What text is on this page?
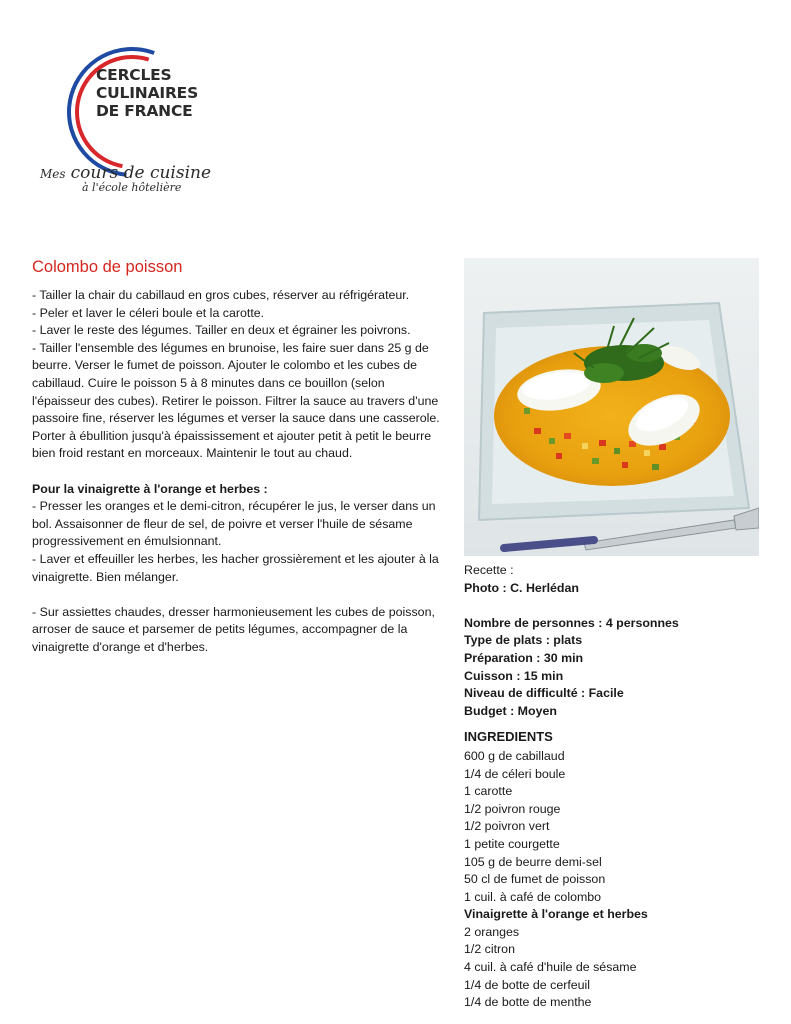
CERCLES
CULINAIRES
DE FRANCE
Mes cours de cuisine
à l'école hôtelière
Colombo de poisson

- Tailler la chair du cabillaud en gros cubes, réserver au réfrigérateur.

- Peler et laver le céleri boule et la carotte.

- Laver le reste des légumes. Tailler en deux et égrainer les poivrons.

- Tailler l'ensemble des légumes en brunoise, les faire suer dans 25 g de beurre. Verser le fumet de poisson. Ajouter le colombo et les cubes de cabillaud. Cuire le poisson 5 à 8 minutes dans ce bouillon (selon l'épaisseur des cubes). Retirer le poisson. Filtrer la sauce au travers d'une passoire fine, réserver les légumes et verser la sauce dans une casserole. Porter à ébullition jusqu'à épaississement et ajouter petit à petit le beurre bien froid restant en morceaux. Maintenir le tout au chaud.

Pour la vinaigrette à l'orange et herbes :

- Presser les oranges et le demi-citron, récupérer le jus, le verser dans un bol. Assaisonner de fleur de sel, de poivre et verser l'huile de sésame progressivement en émulsionnant.

- Laver et effeuiller les herbes, les hacher grossièrement et les ajouter à la vinaigrette. Bien mélanger.

- Sur assiettes chaudes, dresser harmonieusement les cubes de poisson, arroser de sauce et parsemer de petits légumes, accompagner de la vinaigrette d'orange et d'herbes.

Recette :
Photo : C. Herlédan
Nombre de personnes : 4 personnes
Type de plats : plats
Préparation : 30 min
Cuisson : 15 min
Niveau de difficulté : Facile
Budget : Moyen
INGREDIENTS
600 g de cabillaud
1/4 de céleri boule
1 carotte
1/2 poivron rouge
1/2 poivron vert
1 petite courgette
105 g de beurre demi-sel
50 cl de fumet de poisson
1 cuil. à café de colombo
Vinaigrette à l'orange et herbes
2 oranges
1/2 citron
4 cuil. à café d'huile de sésame
1/4 de botte de cerfeuil
1/4 de botte de menthe
